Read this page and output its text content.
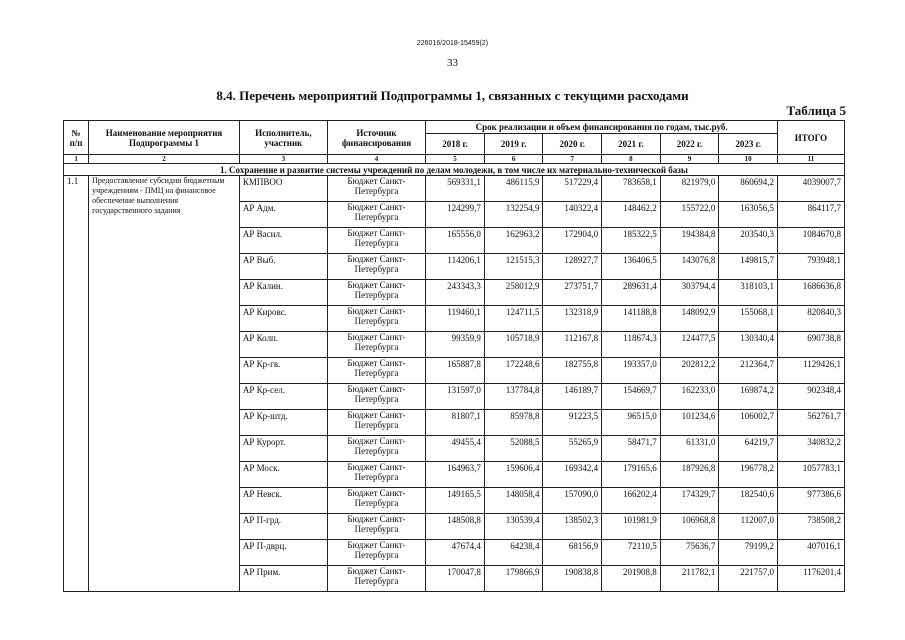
226016/2018-15459(2)
33
8.4. Перечень мероприятий Подпрограммы 1, связанных с текущими расходами
Таблица 5
№ п/п	Наименование мероприятия Подпрограммы 1	Исполнитель, участник	Источник финансирования	Срок реализации и объем финансирования по годам, тыс.руб.						ИТОГО
				2018 г.	2019 г.	2020 г.	2021 г.	2022 г.	2023 г.	
1	2	3	4	5	6	7	8	9	10	11
1. Сохранение и развитие системы учреждений по делам молодежи, в том числе их материально-технической базы										
1.1	Предоставление субсидии бюджетным учреждениям - ПМЦ на финансовое обеспечение выполнения государственного задания	КМПВОО	Бюджет Санкт-Петербурга	569331,1	486115,9	517229,4	783658,1	821979,0	860694,2	4039007,7
		АР Адм.	Бюджет Санкт-Петербурга	124299,7	132254,9	140322,4	148462,2	155722,0	163056,5	864117,7
		АР Васил.	Бюджет Санкт-Петербурга	165556,0	162963,2	172904,0	185322,5	194384,8	203540,3	1084670,8
		АР Выб.	Бюджет Санкт-Петербурга	114206,1	121515,3	128927,7	136406,5	143076,8	149815,7	793948,1
		АР Калин.	Бюджет Санкт-Петербурга	243343,3	258012,9	273751,7	289631,4	303794,4	318103,1	1686636,8
		АР Кировс.	Бюджет Санкт-Петербурга	119460,1	124711,5	132318,9	141188,8	148092,9	155068,1	820840,3
		АР Колп.	Бюджет Санкт-Петербурга	99359,9	105718,9	112167,8	118674,3	124477,5	130340,4	690738,8
		АР Кр-гв.	Бюджет Санкт-Петербурга	165887,8	172248,6	182755,8	193357,0	202812,2	212364,7	1129426,1
		АР Кр-сел.	Бюджет Санкт-Петербурга	131597,0	137784,8	146189,7	154669,7	162233,0	169874,2	902348,4
		АР Кр-штд.	Бюджет Санкт-Петербурга	81807,1	85978,8	91223,5	96515,0	101234,6	106002,7	562761,7
		АР Курорт.	Бюджет Санкт-Петербурга	49455,4	52088,5	55265,9	58471,7	61331,0	64219,7	340832,2
		АР Моск.	Бюджет Санкт-Петербурга	164963,7	159606,4	169342,4	179165,6	187926,8	196778,2	1057783,1
		АР Невск.	Бюджет Санкт-Петербурга	149165,5	148058,4	157090,0	166202,4	174329,7	182540,6	977386,6
		АР П-грд.	Бюджет Санкт-Петербурга	148508,8	130539,4	138502,3	101981,9	106968,8	112007,0	738508,2
		АР П-дврц.	Бюджет Санкт-Петербурга	47674,4	64238,4	68156,9	72110,5	75636,7	79199,2	407016,1
		АР Прим.	Бюджет Санкт-Петербурга	170047,8	179866,9	190838,8	201908,8	211782,1	221757,0	1176201,4
